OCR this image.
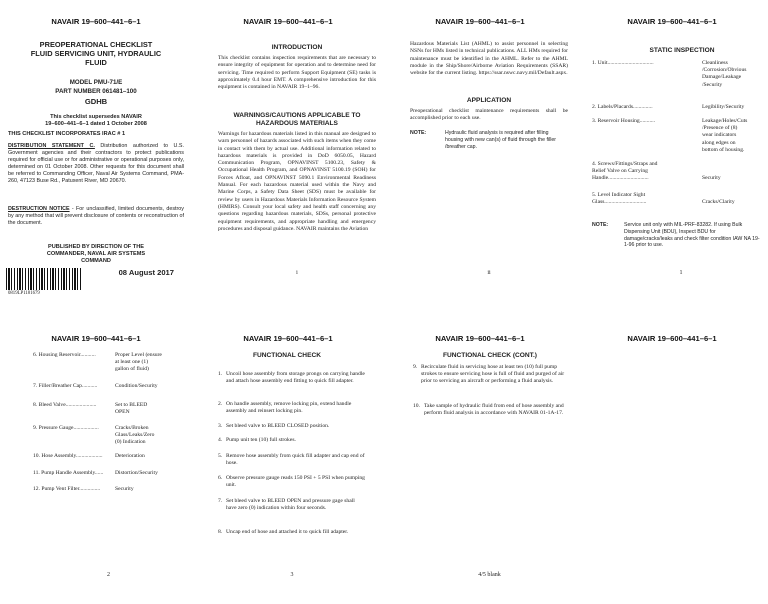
NAVAIR 19–600–441–6–1
PREOPERATIONAL CHECKLIST
FLUID SERVICING UNIT, HYDRAULIC
FLUID
MODEL PMU-71/E
PART NUMBER 061481–100
GDHB
This checklist supersedes NAVAIR
19–600–441–6–1 dated 1 October 2008
THIS CHECKLIST INCORPORATES IRAC # 1
DISTRIBUTION STATEMENT C. Distribution authorized to U.S. Government agencies and their contractors to protect publications required for official use or for administrative or operational purposes only, determined on 01 October 2008. Other requests for this document shall be referred to Commanding Officer, Naval Air Systems Command, PMA-260, 47123 Buse Rd., Patuxent River, MD 20670.
DESTRUCTION NOTICE - For unclassified, limited documents, destroy by any method that will prevent disclosure of contents or reconstruction of the document.
PUBLISHED BY DIRECTION OF THE
COMMANDER, NAVAL AIR SYSTEMS
COMMAND
0819LP1181679
08 August 2017
NAVAIR 19–600–441–6–1
INTRODUCTION
This checklist contains inspection requirements that are necessary to ensure integrity of equipment for operation and to determine need for servicing. Time required to perform Support Equipment (SE) tasks is approximately 0.4 hour EMT. A comprehensive introduction for this equipment is contained in NAVAIR 19–1–96.
WARNINGS/CAUTIONS APPLICABLE TO
HAZARDOUS MATERIALS
Warnings for hazardous materials listed in this manual are designed to warn personnel of hazards associated with such items when they come in contact with them by actual use. Additional information related to hazardous materials is provided in DoD 6050.05, Hazard Communication Program, OPNAVINST 5100.23, Safety & Occupational Health Program, and OPNAVINST 5100.19 (SOH) for Forces Afloat, and OPNAVINST 5090.1 Environmental Readiness Manual. For each hazardous material used within the Navy and Marine Corps, a Safety Data Sheet (SDS) must be available for review by users in Hazardous Materials Information Resource System (HMIRS). Consult your local safety and health staff concerning any questions regarding hazardous materials, SDSs, personal protective equipment requirements, and appropriate handling and emergency procedures and disposal guidance. NAVAIR maintains the Aviation
i
NAVAIR 19–600–441–6–1
Hazardous Materials List (AHML) to assist personnel in selecting NSNs for HMs listed in technical publications. ALL HMs required for maintenance must be identified in the AHML. Refer to the AHML module in the Ship/Shore/Airborne Aviation Requirements (SSAR) website for the current listing. https://ssar.nswc.navy.mil/Default.aspx.
APPLICATION
Preoperational checklist maintenance requirements shall be accomplished prior to each use.
NOTE:	Hydraulic fluid analysis is required after filling housing with new can(s) of fluid through the filler /breather cap.
ii
NAVAIR 19–600–441–6–1
STATIC INSPECTION
1. Unit.................................	Cleanliness
/Corrosion/Obvious
Damage/Leakage
/Security
2. Labels/Placards..............	Legibility/Security
3. Reservoir Housing...........	Leakage/Holes/Cuts
/Presence of (8)
wear indicators
along edges on
bottom of housing.
4. Screws/Fittings/Straps and
Relief Valve on Carrying
Handle.............................	Security
5. Level Indicator Sight
Glass..............................	Cracks/Clarity
NOTE:	Service unit only with MIL-PRF-83282. If using Bulk Dispensing Unit (BDU), Inspect BDU for damage/cracks/leaks and check filter condition IAW NA 19-1-96 prior to use.
1
NAVAIR 19–600–441–6–1
6. Housing Reservoir...........	Proper Level (ensure
at least one (1)
gallon of fluid)
7. Filler/Breather Cap...........	Condition/Security
8. Bleed Valve......................	Set to BLEED
OPEN
9. Pressure Gauge..................	Cracks/Broken
Glass/Leaks/Zero
(0) Indication
10. Hose Assembly................... Deterioration
11. Pump Handle Assembly...... Distortion/Security
12. Pump Vent Filter...............	Security
2
NAVAIR 19–600–441–6–1
FUNCTIONAL CHECK
1. Uncoil hose assembly from storage prongs on carrying handle and attach hose assembly end fitting to quick fill adapter.
2. On handle assembly, remove locking pin, extend handle assembly and reinsert locking pin.
3. Set bleed valve to BLEED CLOSED position.
4. Pump unit ten (10) full strokes.
5. Remove hose assembly from quick fill adapter and cap end of hose.
6. Observe pressure gauge reads 150 PSI + 5 PSI when pumping unit.
7. Set bleed valve to BLEED OPEN and pressure gage shall have zero (0) indication within four seconds.
8. Uncap end of hose and attached it to quick fill adapter.
3
NAVAIR 19–600–441–6–1
FUNCTIONAL CHECK (CONT.)
9. Recirculate fluid in servicing hose at least ten (10) full pump strokes to ensure servicing hose is full of fluid and purged of air prior to servicing an aircraft or performing a fluid analysis.
10. Take sample of hydraulic fluid from end of hose assembly and perform fluid analysis in accordance with NAVAIR 01-1A-17.
4/5 blank
NAVAIR 19–600–441–6–1
